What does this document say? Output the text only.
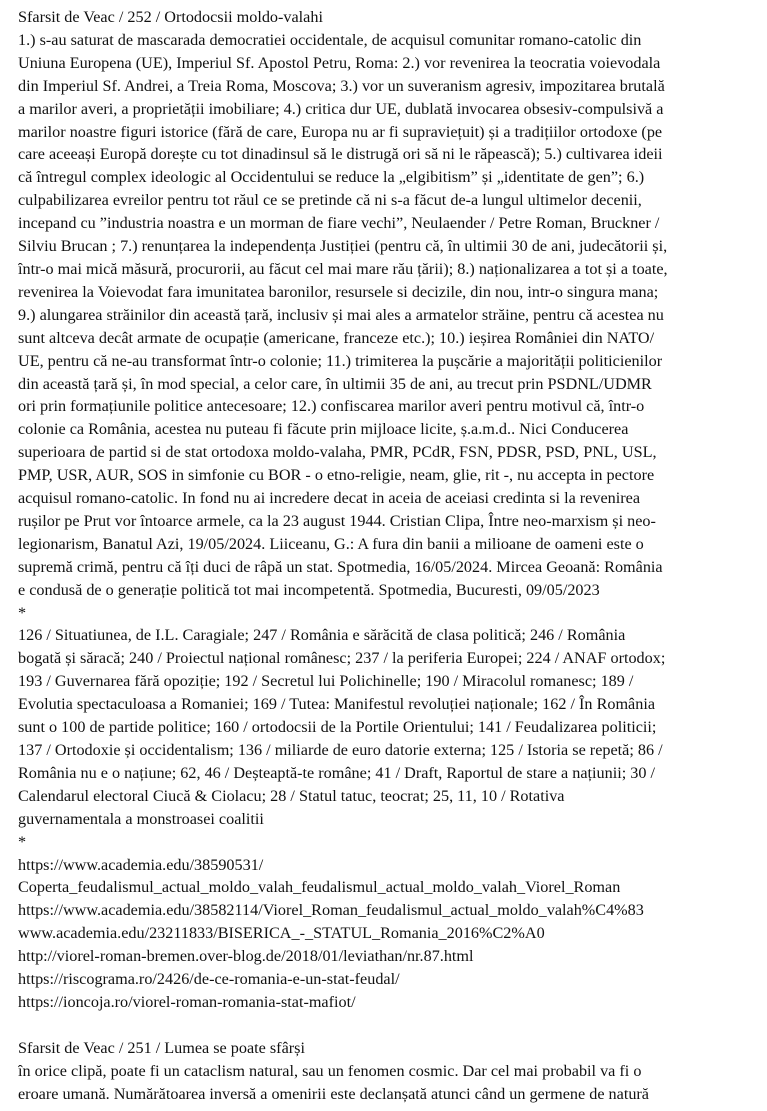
Sfarsit de Veac / 252 / Ortodocsii moldo-valahi
1.) s-au saturat de mascarada democratiei occidentale, de acquisul comunitar romano-catolic din
Uniuna Europena (UE), Imperiul Sf. Apostol Petru, Roma: 2.) vor revenirea la teocratia voievodala
din Imperiul Sf. Andrei, a Treia Roma, Moscova; 3.) vor un suveranism agresiv, impozitarea brutală
a marilor averi, a proprietății imobiliare; 4.) critica dur UE, dublată invocarea obsesiv-compulsivă a
marilor noastre figuri istorice (fără de care, Europa nu ar fi supraviețuit) și a tradițiilor ortodoxe (pe
care aceeași Europă dorește cu tot dinadinsul să le distrugă ori să ni le răpească); 5.) cultivarea ideii
că întregul complex ideologic al Occidentului se reduce la „elgibitism” și „identitate de gen”; 6.)
culpabilizarea evreilor pentru tot răul ce se pretinde că ni s-a făcut de-a lungul ultimelor decenii,
incepand cu ”industria noastra e un morman de fiare vechi”, Neulaender / Petre Roman, Bruckner /
Silviu Brucan ; 7.) renunțarea la independența Justiției (pentru că, în ultimii 30 de ani, judecătorii și,
într-o mai mică măsură, procurorii, au făcut cel mai mare rău țării); 8.) naționalizarea a tot și a toate,
revenirea la Voievodat fara imunitatea baronilor, resursele si decizile, din nou, intr-o singura mana;
9.) alungarea străinilor din această țară, inclusiv și mai ales a armatelor străine, pentru că acestea nu
sunt altceva decât armate de ocupație (americane, franceze etc.); 10.) ieșirea României din NATO/
UE, pentru că ne-au transformat într-o colonie; 11.) trimiterea la pușcărie a majorității politicienilor
din această țară și, în mod special, a celor care, în ultimii 35 de ani, au trecut prin PSDNL/UDMR
ori prin formațiunile politice antecesoare; 12.) confiscarea marilor averi pentru motivul că, într-o
colonie ca România, acestea nu puteau fi făcute prin mijloace licite, ș.a.m.d.. Nici Conducerea
superioara de partid si de stat ortodoxa moldo-valaha, PMR, PCdR, FSN, PDSR, PSD, PNL, USL,
PMP, USR, AUR, SOS in simfonie cu BOR - o etno-religie, neam, glie, rit -, nu accepta in pectore
acquisul romano-catolic. In fond nu ai incredere decat in aceia de aceiasi credinta si la revenirea
rușilor pe Prut vor întoarce armele, ca la 23 august 1944. Cristian Clipa, Între neo-marxism și neo-
legionarism, Banatul Azi, 19/05/2024. Liiceanu, G.: A fura din banii a milioane de oameni este o
supremă crimă, pentru că îți duci de râpă un stat. Spotmedia, 16/05/2024. Mircea Geoană: România
e condusă de o generație politică tot mai incompetentă. Spotmedia, Bucuresti, 09/05/2023
*
126 / Situatiunea, de I.L. Caragiale; 247 / România e sărăcită de clasa politică; 246 / România
bogată și săracă; 240 / Proiectul național românesc; 237 / la periferia Europei; 224 / ANAF ortodox;
193 / Guvernarea fără opoziție; 192 / Secretul lui Polichinelle; 190 / Miracolul romanesc; 189 /
Evolutia spectaculoasa a Romaniei; 169 / Tutea: Manifestul revoluției naționale; 162 / În România
sunt o 100 de partide politice; 160 / ortodocsii de la Portile Orientului; 141 / Feudalizarea politicii;
137 / Ortodoxie și occidentalism; 136 / miliarde de euro datorie externa; 125 / Istoria se repetă; 86 /
România nu e o națiune; 62, 46 / Deșteaptă-te române; 41 / Draft, Raportul de stare a națiunii; 30 /
Calendarul electoral Ciucă & Ciolacu; 28 / Statul tatuc, teocrat; 25, 11, 10 / Rotativa
guvernamentala a monstroasei coalitii
*
https://www.academia.edu/38590531/
Coperta_feudalismul_actual_moldo_valah_feudalismul_actual_moldo_valah_Viorel_Roman
https://www.academia.edu/38582114/Viorel_Roman_feudalismul_actual_moldo_valah%C4%83
www.academia.edu/23211833/BISERICA_-_STATUL_Romania_2016%C2%A0
http://viorel-roman-bremen.over-blog.de/2018/01/leviathan/nr.87.html
https://riscograma.ro/2426/de-ce-romania-e-un-stat-feudal/
https://ioncoja.ro/viorel-roman-romania-stat-mafiot/
Sfarsit de Veac / 251 / Lumea se poate sfârși
în orice clipă, poate fi un cataclism natural, sau un fenomen cosmic. Dar cel mai probabil va fi o
eroare umană. Numărătoarea inversă a omenirii este declanșată atunci când un germene de natură
